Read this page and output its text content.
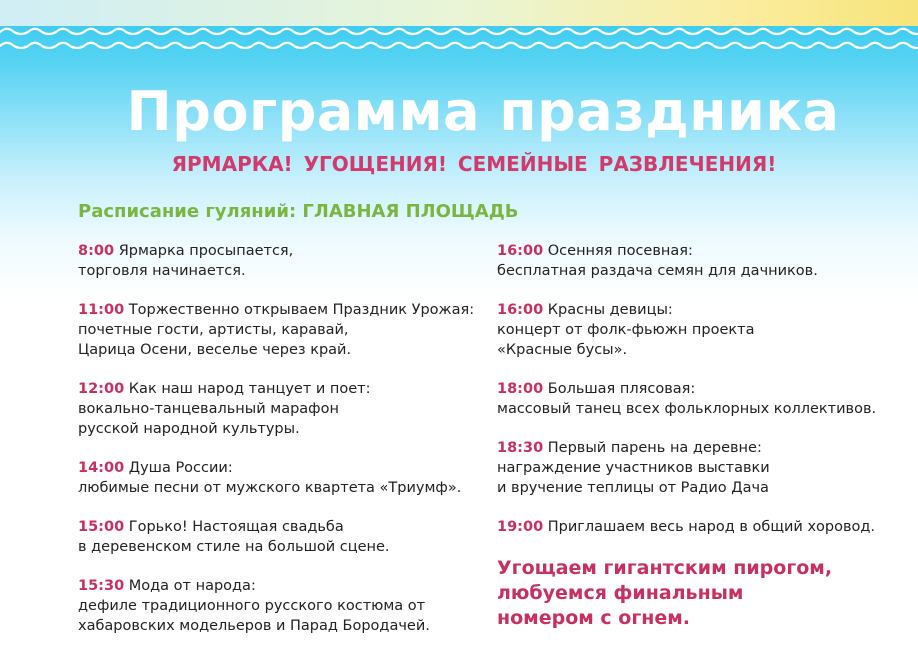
Программа праздника
ЯРМАРКА! УГОЩЕНИЯ! СЕМЕЙНЫЕ РАЗВЛЕЧЕНИЯ!
Расписание гуляний: ГЛАВНАЯ ПЛОЩАДЬ

8:00 Ярмарка просыпается,
торговля начинается.

11:00 Торжественно открываем Праздник Урожая:
почетные гости, артисты, каравай,
Царица Осени, веселье через край.

12:00 Как наш народ танцует и поет:
вокально-танцевальный марафон
русской народной культуры.

14:00 Душа России:
любимые песни от мужского квартета «Триумф».

15:00 Горько! Настоящая свадьба
в деревенском стиле на большой сцене.

15:30 Мода от народа:
дефиле традиционного русского костюма от
хабаровских модельеров и Парад Бородачей.

16:00 Осенняя посевная:
бесплатная раздача семян для дачников.

16:00 Красны девицы:
концерт от фолк-фьюжн проекта
«Красные бусы».

18:00 Большая плясовая:
массовый танец всех фольклорных коллективов.

18:30 Первый парень на деревне:
награждение участников выставки
и вручение теплицы от Радио Дача

19:00 Приглашаем весь народ в общий хоровод.

Угощаем гигантским пирогом,
любуемся финальным
номером с огнем.
